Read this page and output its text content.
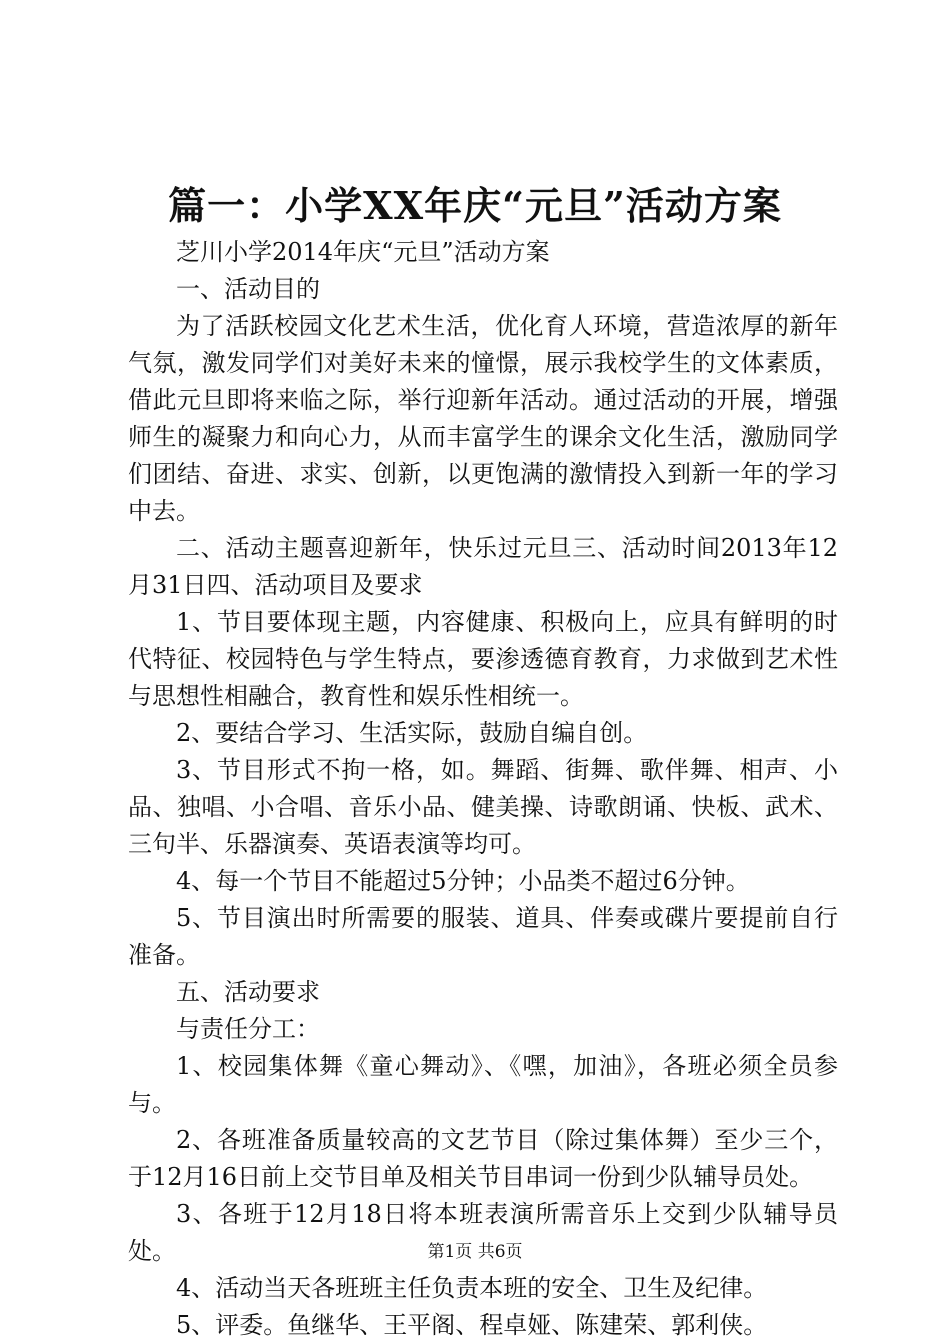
篇一：小学XX年庆“元旦”活动方案

芝川小学2014年庆“元旦”活动方案

一、活动目的

为了活跃校园文化艺术生活，优化育人环境，营造浓厚的新年气氛，激发同学们对美好未来的憧憬，展示我校学生的文体素质，借此元旦即将来临之际，举行迎新年活动。通过活动的开展，增强师生的凝聚力和向心力，从而丰富学生的课余文化生活，激励同学们团结、奋进、求实、创新，以更饱满的激情投入到新一年的学习中去。

二、活动主题喜迎新年，快乐过元旦三、活动时间2013年12月31日四、活动项目及要求

1、节目要体现主题，内容健康、积极向上，应具有鲜明的时代特征、校园特色与学生特点，要渗透德育教育，力求做到艺术性与思想性相融合，教育性和娱乐性相统一。

2、要结合学习、生活实际，鼓励自编自创。

3、节目形式不拘一格，如。舞蹈、街舞、歌伴舞、相声、小品、独唱、小合唱、音乐小品、健美操、诗歌朗诵、快板、武术、三句半、乐器演奏、英语表演等均可。

4、每一个节目不能超过5分钟；小品类不超过6分钟。

5、节目演出时所需要的服装、道具、伴奏或碟片要提前自行准备。

五、活动要求

与责任分工：

1、校园集体舞《童心舞动》、《嘿，加油》，各班必须全员参与。

2、各班准备质量较高的文艺节目（除过集体舞）至少三个，于12月16日前上交节目单及相关节目串词一份到少队辅导员处。

3、各班于12月18日将本班表演所需音乐上交到少队辅导员处。

4、活动当天各班班主任负责本班的安全、卫生及纪律。

5、评委。鱼继华、王平阁、程卓娅、陈建荣、郭利侠。

第1页 共6页
